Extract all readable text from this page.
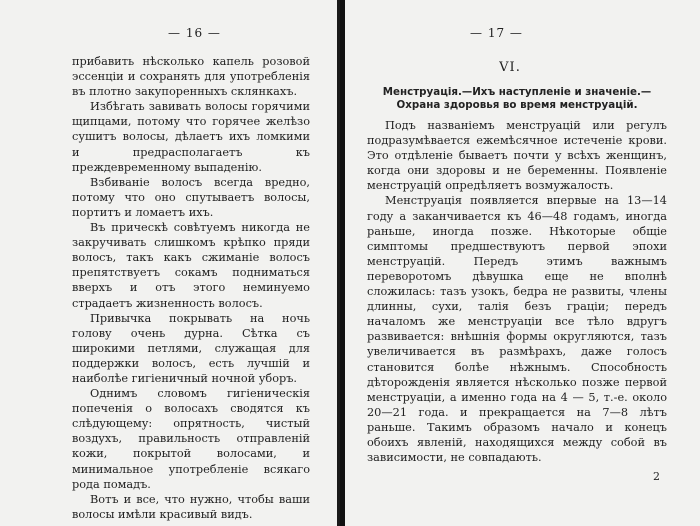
— 16 —

прибавить нѣсколько капель розовой эссенціи и сохранять для употребленія въ плотно закупоренныхъ склянкахъ.

Избѣгать завивать волосы горячими щипцами, потому что горячее желѣзо сушитъ волосы, дѣлаетъ ихъ ломкими и предрасполагаетъ къ преждевременному выпаденію.

Взбиваніе волосъ всегда вредно, потому что оно спутываетъ волосы, портитъ и ломаетъ ихъ.

Въ прическѣ совѣтуемъ никогда не закручивать слишкомъ крѣпко пряди волосъ, такъ какъ сжиманіе волосъ препятствуетъ сокамъ подниматься вверхъ и отъ этого неминуемо страдаетъ жизненность волосъ.

Привычка покрывать на ночь голову очень дурна. Сѣтка съ широкими петлями, служащая для поддержки волосъ, есть лучшій и наиболѣе гигіеничный ночной уборъ.

Однимъ словомъ гигіеническія попеченія о волосахъ сводятся къ слѣдующему: опрятность, чистый воздухъ, правильность отправленій кожи, покрытой волосами, и минимальное употребленіе всякаго рода помадъ.

Вотъ и все, что нужно, чтобы ваши волосы имѣли красивый видъ.

— 17 —
VI.
Менструація.—Ихъ наступленіе и значеніе.—
Охрана здоровья во время менструацій.

Подъ названіемъ менструацій или регулъ подразумѣвается ежемѣсячное истеченіе крови. Это отдѣленіе бываетъ почти у всѣхъ женщинъ, когда они здоровы и не беременны. Появленіе менструацій опредѣляетъ возмужалость.

Менструація появляется впервые на 13—14 году а заканчивается къ 46—48 годамъ, иногда раньше, иногда позже. Нѣкоторые общіе симптомы предшествуютъ первой эпохи менструацій. Передъ этимъ важнымъ переворотомъ дѣвушка еще не вполнѣ сложилась: тазъ узокъ, бедра не развиты, члены длинны, сухи, талія безъ граціи; передъ началомъ же менструаціи все тѣло вдругъ развивается: внѣшнія формы округляются, тазъ увеличивается въ размѣрахъ, даже голосъ становится болѣе нѣжнымъ. Способность дѣторожденія является нѣсколько позже первой менструаціи, а именно года на 4 — 5, т.-е. около 20—21 года. и прекращается на 7—8 лѣтъ раньше. Такимъ образомъ начало и конецъ обоихъ явленій, находящихся между собой въ зависимости, не совпадають.

2
